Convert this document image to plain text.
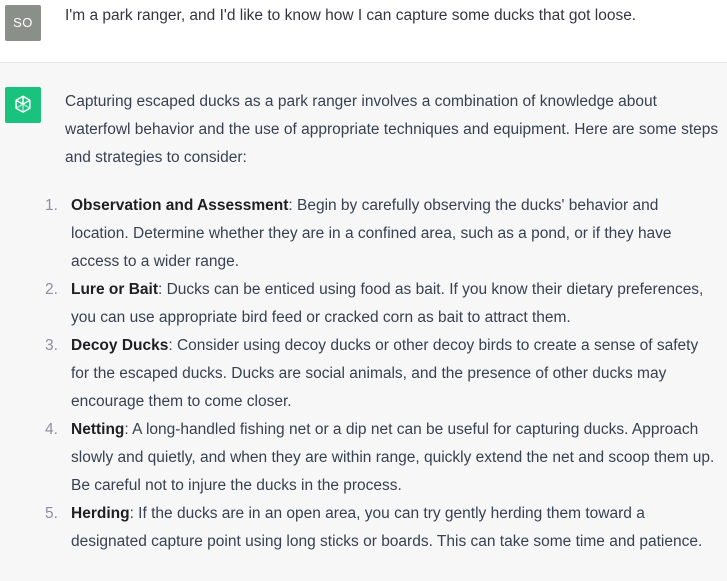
SO	I'm a park ranger, and I'd like to know how I can capture some ducks that got loose.

Capturing escaped ducks as a park ranger involves a combination of knowledge about waterfowl behavior and the use of appropriate techniques and equipment. Here are some steps and strategies to consider:

1. Observation and Assessment: Begin by carefully observing the ducks' behavior and location. Determine whether they are in a confined area, such as a pond, or if they have access to a wider range.
2. Lure or Bait: Ducks can be enticed using food as bait. If you know their dietary preferences, you can use appropriate bird feed or cracked corn as bait to attract them.
3. Decoy Ducks: Consider using decoy ducks or other decoy birds to create a sense of safety for the escaped ducks. Ducks are social animals, and the presence of other ducks may encourage them to come closer.
4. Netting: A long-handled fishing net or a dip net can be useful for capturing ducks. Approach slowly and quietly, and when they are within range, quickly extend the net and scoop them up. Be careful not to injure the ducks in the process.
5. Herding: If the ducks are in an open area, you can try gently herding them toward a designated capture point using long sticks or boards. This can take some time and patience.
